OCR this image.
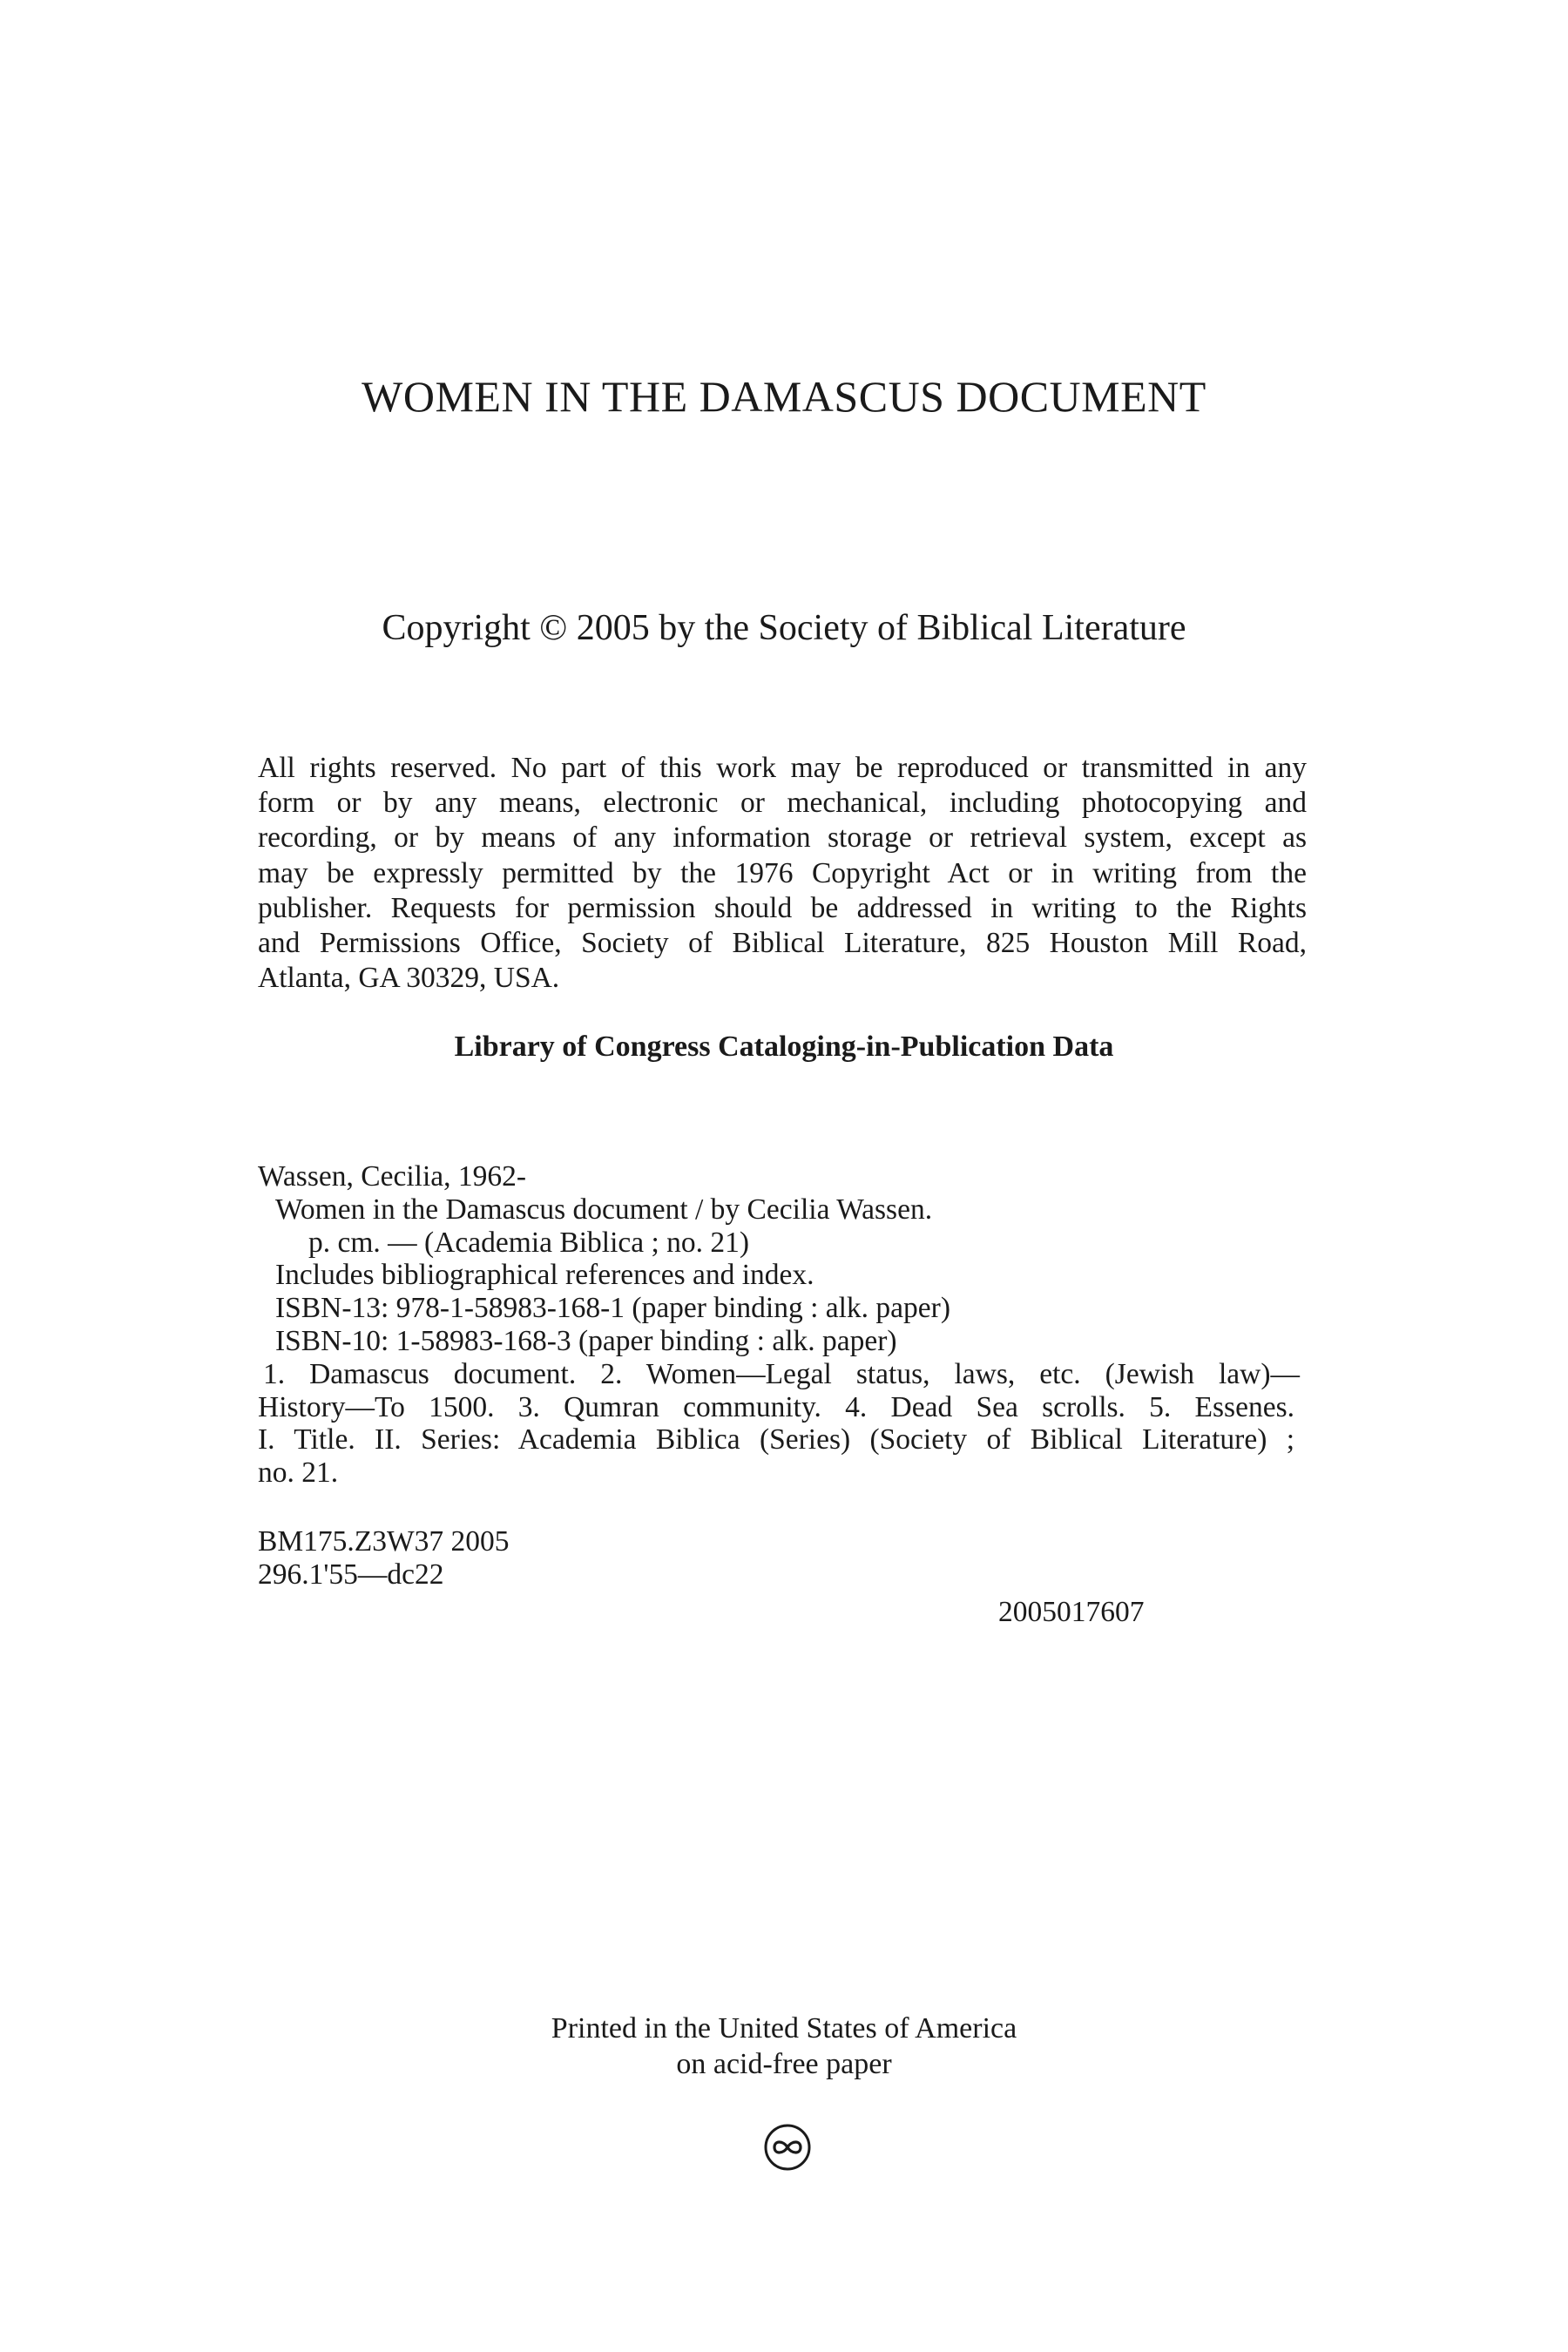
WOMEN IN THE DAMASCUS DOCUMENT
Copyright © 2005 by the Society of Biblical Literature
All rights reserved. No part of this work may be reproduced or transmitted in any
form or by any means, electronic or mechanical, including photocopying and
recording, or by means of any information storage or retrieval system, except as
may be expressly permitted by the 1976 Copyright Act or in writing from the
publisher. Requests for permission should be addressed in writing to the Rights
and Permissions Office, Society of Biblical Literature, 825 Houston Mill Road,
Atlanta, GA 30329, USA.
Library of Congress Cataloging-in-Publication Data
Wassen, Cecilia, 1962-
Women in the Damascus document / by Cecilia Wassen.
p. cm. — (Academia Biblica ; no. 21)
Includes bibliographical references and index.
ISBN-13: 978-1-58983-168-1 (paper binding : alk. paper)
ISBN-10: 1-58983-168-3 (paper binding : alk. paper)
1. Damascus document. 2. Women—Legal status, laws, etc. (Jewish law)—
History—To 1500. 3. Qumran community. 4. Dead Sea scrolls. 5. Essenes.
I. Title. II. Series: Academia Biblica (Series) (Society of Biblical Literature) ;
no. 21.
BM175.Z3W37 2005
296.1'55—dc22
2005017607
Printed in the United States of America
on acid-free paper
